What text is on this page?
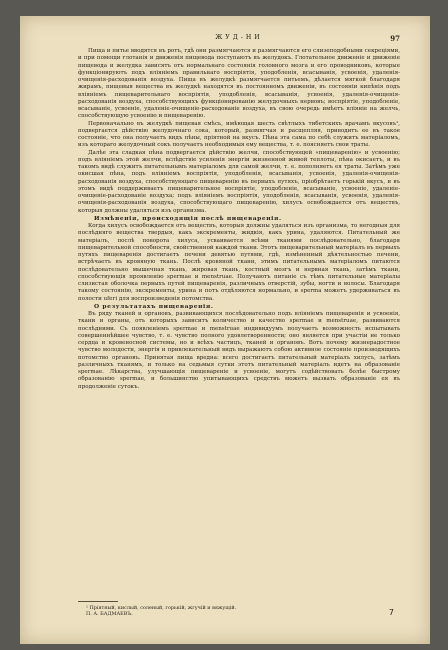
ЖУД-НИ	97

Пища и питье вводятся въ ротъ, гдѣ они размягчаются и размягчаются его слизеподобными секреціями, и при помощи глотанія и движенія пищевода поступаютъ въ желудокъ. Глотательное движеніе и движеніе пищевода и желудка зависятъ отъ нормальнаго состоянія головного мозга и его проводниковъ, которые функціонируютъ подъ вліяніемъ правильнаго воспріятія, уподобленія, всасыванія, усвоенія, удаленія-очищенія-расходованія воздуха. Пища въ желудкѣ размягчается питьемъ, дѣлается мягкой благодаря жирамъ, пищевыя вещества въ желудкѣ находятся въ постоянномъ движеніи, въ состояніи кипѣнія подъ вліяніемъ пищеварительнаго воспріятія, уподобленія, всасыванія, усвоенія, удаленія-очищенія-расходованія воздуха, способствующихъ функціонированію желудочныхъ нервовъ; воспріятіе, уподобленіе, всасываніе, усвоеніе, удаленіе-очищеніе-расходованіе воздуха, въ свою очередь имѣетъ вліяніе на желчь, способствующую усвоенію и пищеваренію.

Первоначально въ желудкѣ пищевая смѣсь, имѣющая шесть свѣтлыхъ тибетскихъ врачамъ вкусовъ¹, подвергается дѣйствію желудочнаго сока, который, размягчая и расщепляя, приводитъ ее въ такое состояніе, что она получаетъ видъ пѣны, пріятной на вкусъ. Пѣна эта сама по себѣ служитъ матеріаломъ, изъ котораго желудочный сокъ получаетъ необходимыя ему вещества, т. е. поясняетъ свои траты.

Далѣе эта сладкая пѣна подвергается дѣйствію желчи, способствующей «пищеваренію» и усвоенію; подъ вліяніемъ этой желчи, вслѣдствіе усиленія энергіи жизненной живой теплоты, пѣна окисаетъ, и въ такомъ видѣ служитъ питательнымъ матеріаломъ для самой желчи, т. е. пополняетъ ея траты. Затѣмъ уже окисшая пѣна, подъ вліяніемъ воспріятія, уподобленія, всасыванія, усвоенія, удаленія-очищенія-расходованія воздуха, способствующаго пищеваренію въ первыхъ путяхъ, пріобрѣтаетъ горькій вкусъ, и въ этомъ видѣ поддерживаетъ пищеварительное воспріятіе, уподобленіе, всасываніе, усвоеніе, удаленіе-очищеніе-расходованіе воздуха; подъ вліяніемъ воспріятія, уподобленія, всасыванія, усвоенія, удаленія-очищенія-расходованія воздуха, способствующаго пищеваренію, хилусъ освобождается отъ веществъ, которыя должны удаляться изъ организма.

Измѣненія, происходящія послѣ пищеваренія.

Когда хилусъ освобождается отъ веществъ, которыя должны удаляться изъ организма, то негодныя для послѣдняго вещества твердыя, какъ экскременты, жидкія, какъ урина, удаляются. Питательный же матеріалъ, послѣ поворота хилуса, усваивается всѣми тканями послѣдовательно, благодаря пищеварительной способности, свойственной каждой ткани. Этотъ пищеварительный матеріалъ въ первыхъ путяхъ пищеваренія достигаетъ печени девятью путями, гдѣ, измѣненный дѣятельностью печени, встрѣчаетъ въ кровяную ткань. Послѣ кровяной ткани, этимъ питательнымъ матеріаломъ питаются послѣдовательно мышечная ткань, жировая ткань, костный мозгъ и нервная ткань, затѣмъ ткани, способствующія проявленію spermae и menstruae. Получаютъ питаніе съ тѣмъ питательные матеріалы слизистая оболочка первыхъ путей пищеваренія, различныхъ отверстій, зубы, ногти и волосы. Благодаря такому состоянію, экскременты, урина и потъ отдѣляются нормально, и sperma можетъ удерживаться въ полости ufeгі для воспроизведенія потомства.

О результатахъ пищеваренія.

Въ ряду тканей и органовъ, развивающихся послѣдовательно подъ вліяніемъ пищеваренія и усвоенія, ткани и органы, отъ которыхъ зависитъ количество и качество spermae и menstruae, развиваются послѣдними. Съ появленіемъ spermae и menstruae индивидуумъ получаетъ возможность испытывать совершеннѣйшее чувство, т. е. чувство полного удовлетворенности; оно является при участіи не только сердца и кровеносной системы, но и всѣхъ частицъ, тканей и органовъ. Вотъ почему жизнерадостное чувство молодости, энергія и привлекательный видъ выражаютъ собою активное состояніе производящихъ потомство органовъ. Принятая пища вредна: всего достигаетъ питательный матеріалъ хилусъ, затѣмъ различныхъ тканямъ, и только на седьмыя сутки этотъ питательный матеріалъ идетъ на образованіе spermae. Лѣкарства, улучшающія пищевареніе и усвоеніе, могутъ содѣйствовать болѣе быстрому образованію spermae, и большинство упитывающихъ средствъ можетъ вызвать образованіе ея въ продолженіе сутокъ.

¹ Пріятный, кислый, соленый, горькій, жгучій и вяжущій.

П. А. БАДМАЕВЪ.	7
